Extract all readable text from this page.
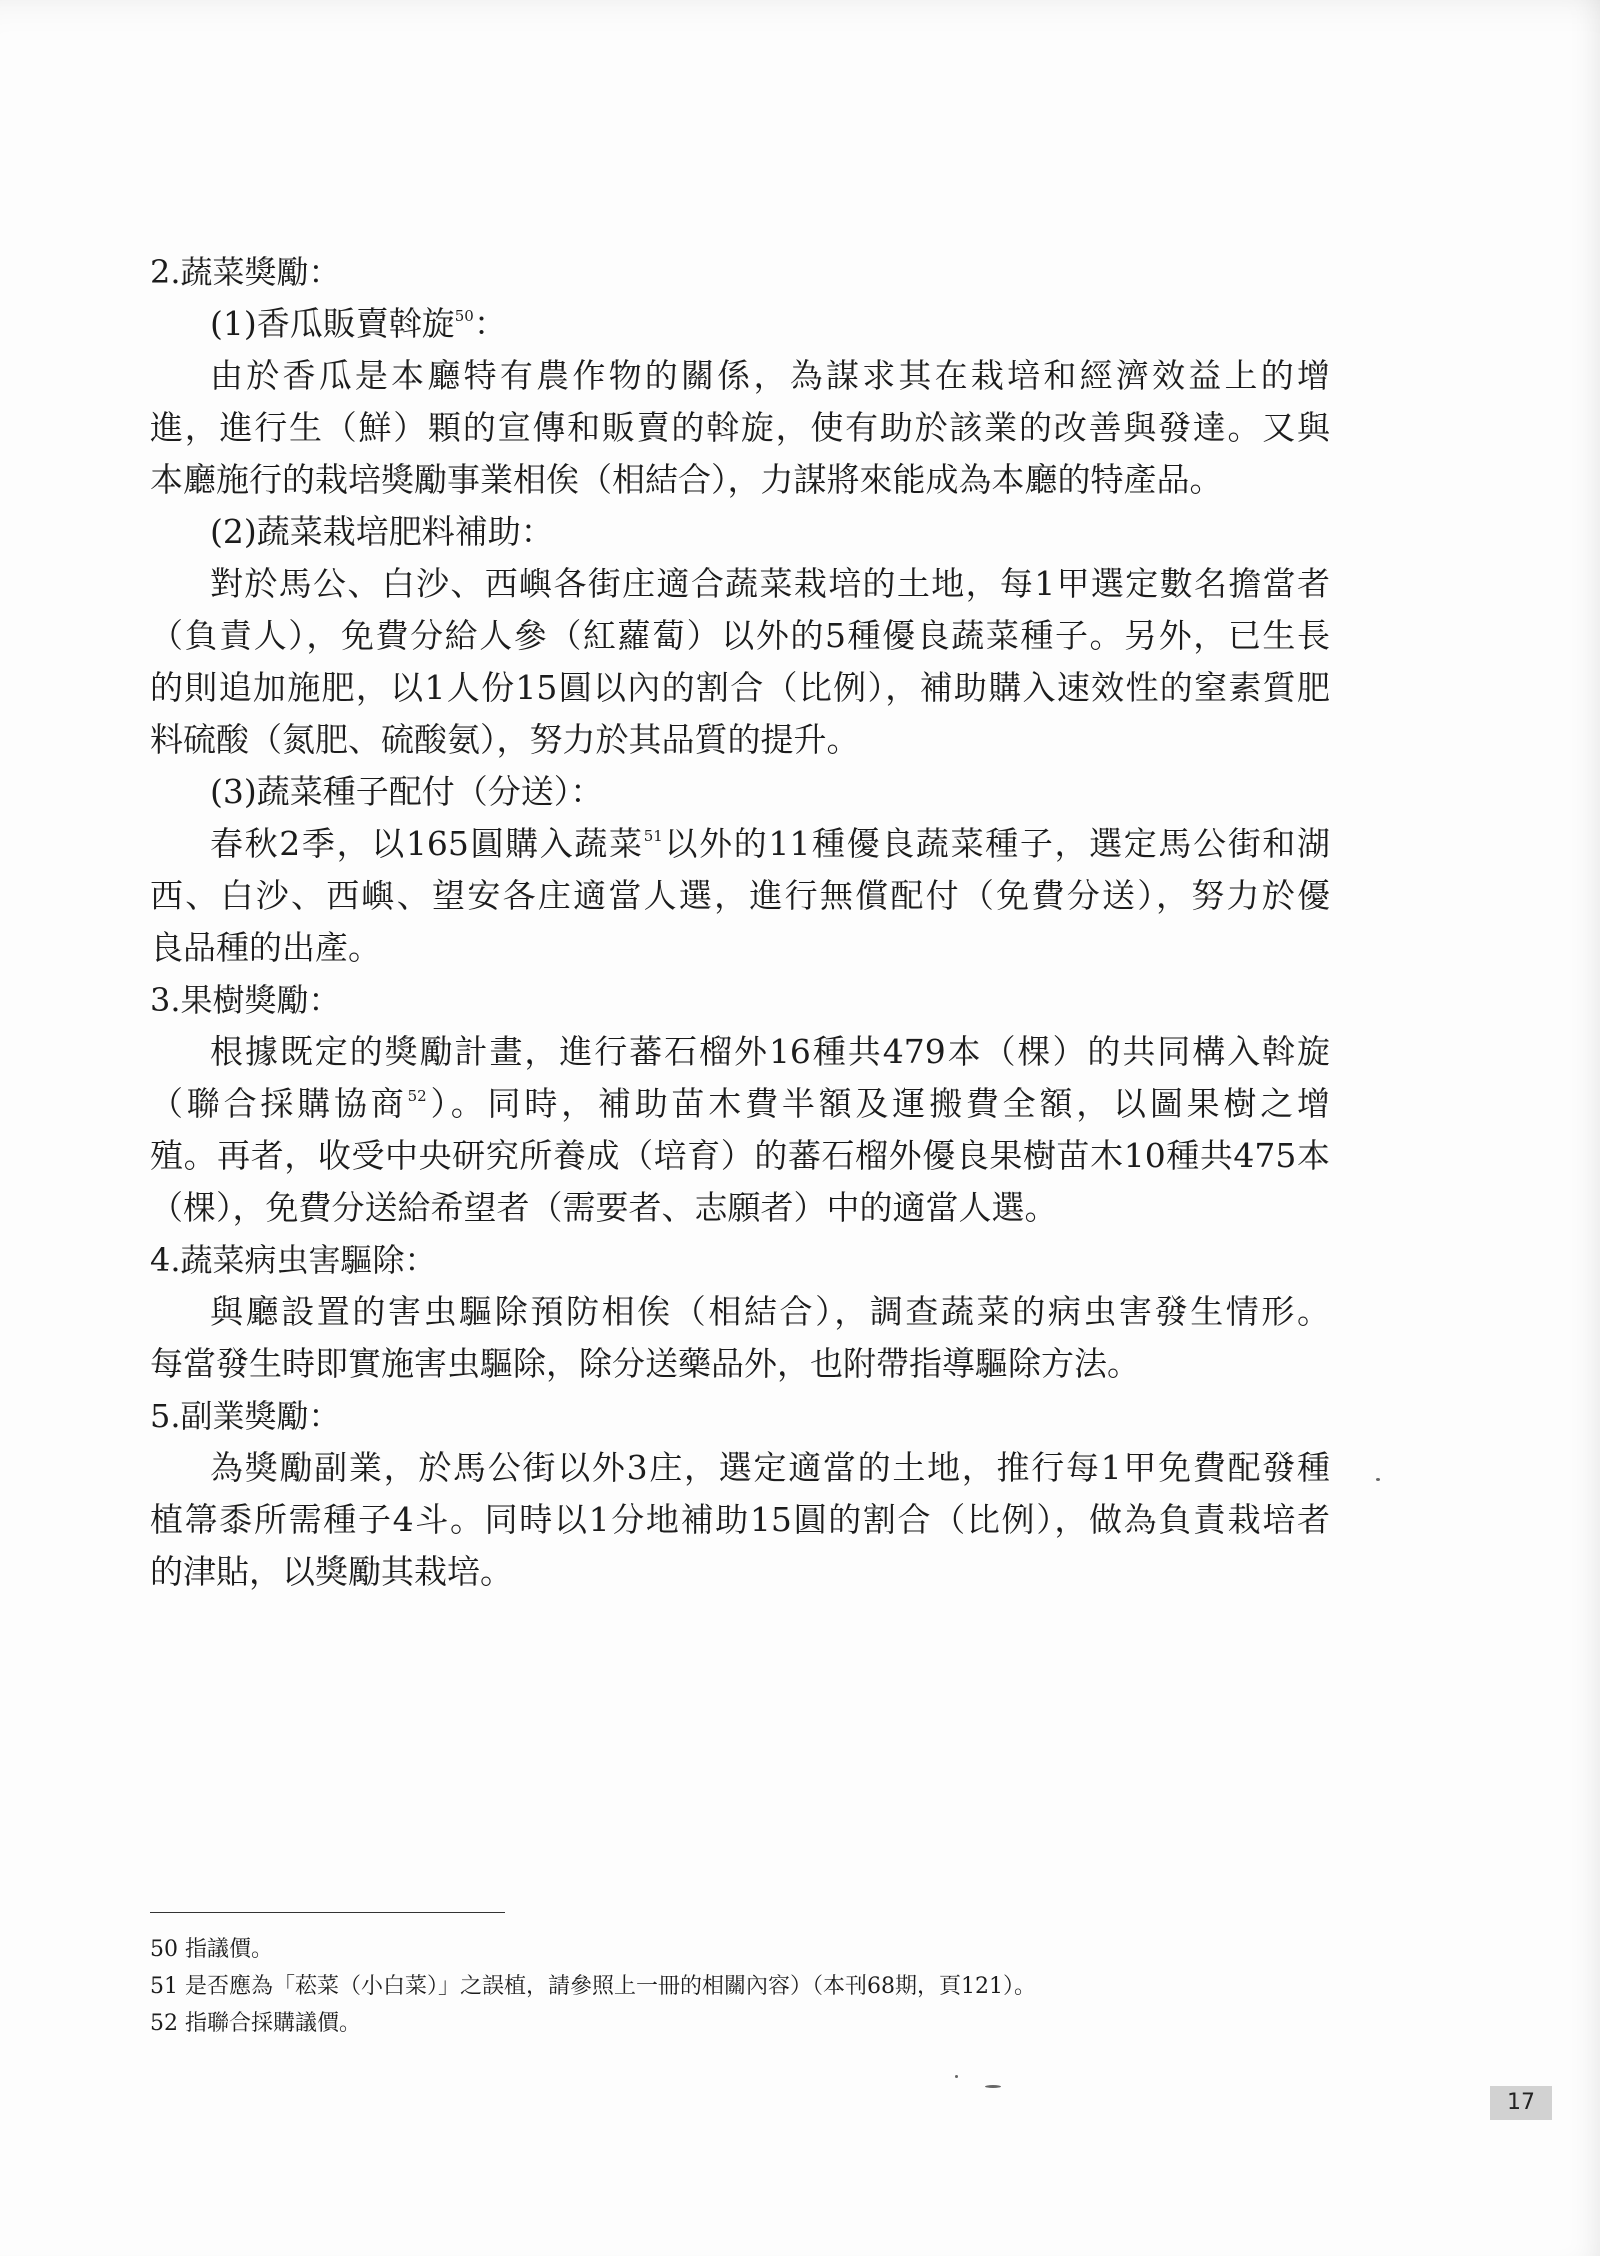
2.蔬菜獎勵：
(1)香瓜販賣斡旋$^{50}$：
由於香瓜是本廳特有農作物的關係，為謀求其在栽培和經濟效益上的增
進，進行生（鮮）顆的宣傳和販賣的斡旋，使有助於該業的改善與發達。又與
本廳施行的栽培獎勵事業相俟（相結合），力謀將來能成為本廳的特產品。
(2)蔬菜栽培肥料補助：
對於馬公、白沙、西嶼各街庄適合蔬菜栽培的土地，每1甲選定數名擔當者
（負責人），免費分給人參（紅蘿蔔）以外的5種優良蔬菜種子。另外，已生長
的則追加施肥，以1人份15圓以內的割合（比例），補助購入速效性的窒素質肥
料硫酸（氮肥、硫酸氨），努力於其品質的提升。
(3)蔬菜種子配付（分送）：
春秋2季，以165圓購入蔬菜$^{51}$以外的11種優良蔬菜種子，選定馬公街和湖
西、白沙、西嶼、望安各庄適當人選，進行無償配付（免費分送），努力於優
良品種的出產。
3.果樹獎勵：
根據既定的獎勵計畫，進行蕃石榴外16種共479本（棵）的共同構入斡旋
（聯合採購協商$^{52}$）。同時，補助苗木費半額及運搬費全額，以圖果樹之增
殖。再者，收受中央研究所養成（培育）的蕃石榴外優良果樹苗木10種共475本
（棵），免費分送給希望者（需要者、志願者）中的適當人選。
4.蔬菜病虫害驅除：
與廳設置的害虫驅除預防相俟（相結合），調查蔬菜的病虫害發生情形。
每當發生時即實施害虫驅除，除分送藥品外，也附帶指導驅除方法。
5.副業獎勵：
為獎勵副業，於馬公街以外3庄，選定適當的土地，推行每1甲免費配發種
植箒黍所需種子4斗。同時以1分地補助15圓的割合（比例），做為負責栽培者
的津貼，以獎勵其栽培。
50 指議價。
51 是否應為「菘菜（小白菜）」之誤植，請參照上一冊的相關內容）（本刊68期，頁121）。
52 指聯合採購議價。
17
